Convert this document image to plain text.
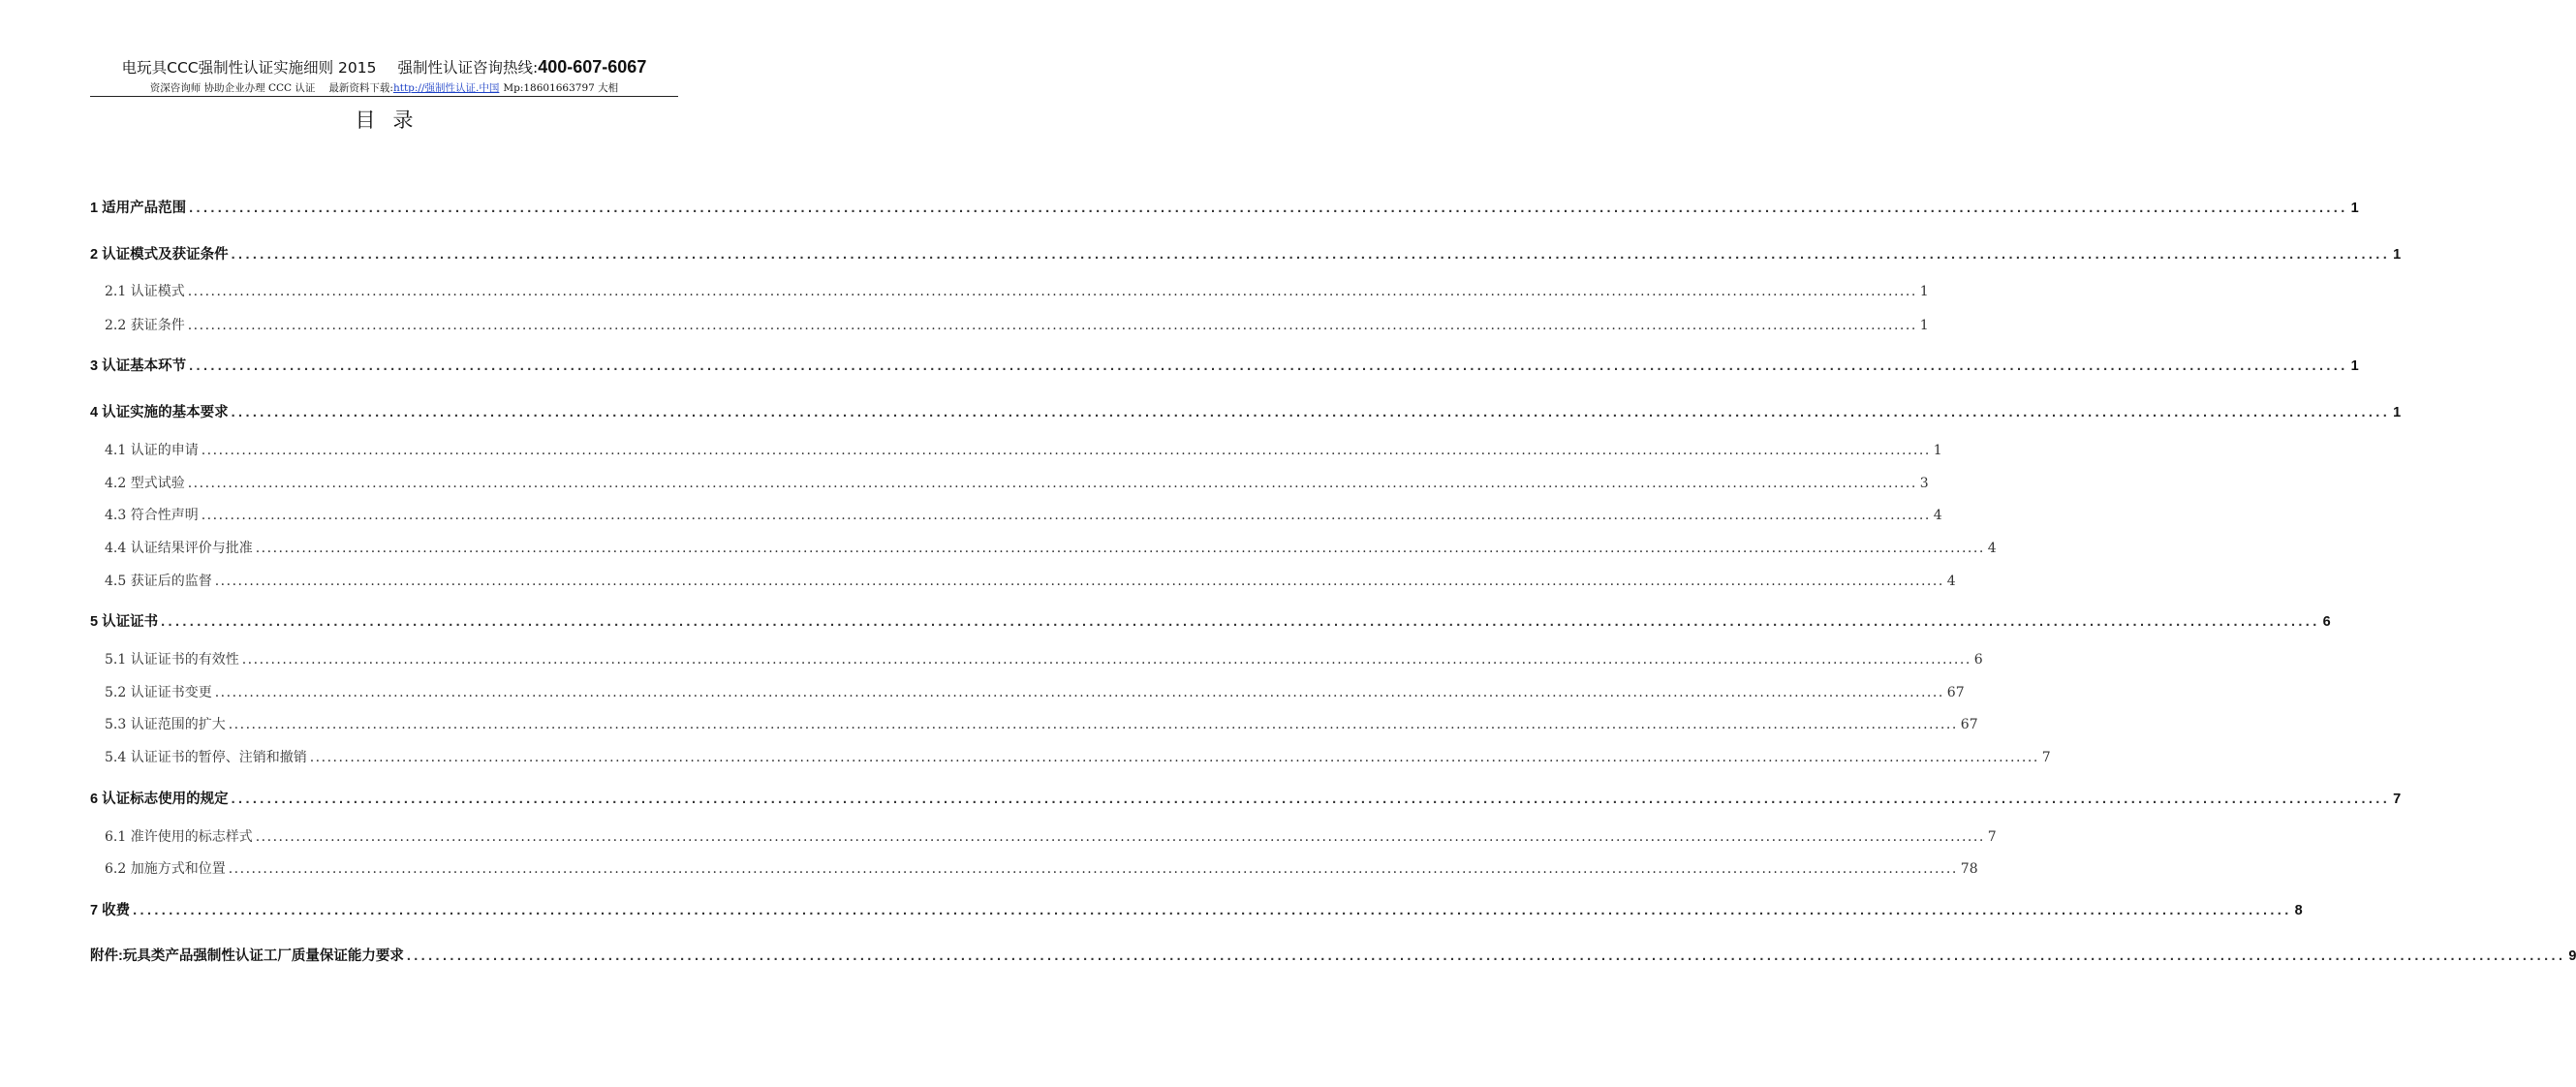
电玩具CCC强制性认证实施细则 2015 强制性认证咨询热线:400-607-6067
资深咨询师 协助企业办理 CCC 认证 最新资料下载:http://强制性认证.中国 Mp:18601663797 大相
目录
1 适用产品范围 ............................................................................................................................................................................................................................................................................................................ 1
2 认证模式及获证条件 ............................................................................................................................................................................................................................................................................................................ 1
2.1 认证模式 ............................................................................................................................................................................................................................................................................................................ 1
2.2 获证条件 ............................................................................................................................................................................................................................................................................................................ 1
3 认证基本环节 ............................................................................................................................................................................................................................................................................................................ 1
4 认证实施的基本要求 ............................................................................................................................................................................................................................................................................................................ 1
4.1 认证的申请 ............................................................................................................................................................................................................................................................................................................ 1
4.2 型式试验 ............................................................................................................................................................................................................................................................................................................ 3
4.3 符合性声明 ............................................................................................................................................................................................................................................................................................................ 4
4.4 认证结果评价与批准 ............................................................................................................................................................................................................................................................................................................ 4
4.5 获证后的监督 ............................................................................................................................................................................................................................................................................................................ 4
5 认证证书 ............................................................................................................................................................................................................................................................................................................ 6
5.1 认证证书的有效性 ............................................................................................................................................................................................................................................................................................................ 6
5.2 认证证书变更 ............................................................................................................................................................................................................................................................................................................ 67
5.3 认证范围的扩大 ............................................................................................................................................................................................................................................................................................................ 67
5.4 认证证书的暂停、注销和撤销 ............................................................................................................................................................................................................................................................................................................ 7
6 认证标志使用的规定 ............................................................................................................................................................................................................................................................................................................ 7
6.1 准许使用的标志样式 ............................................................................................................................................................................................................................................................................................................ 7
6.2 加施方式和位置 ............................................................................................................................................................................................................................................................................................................ 78
7 收费 ............................................................................................................................................................................................................................................................................................................ 8
附件:玩具类产品强制性认证工厂质量保证能力要求 ............................................................................................................................................................................................................................................................................................................ 9
